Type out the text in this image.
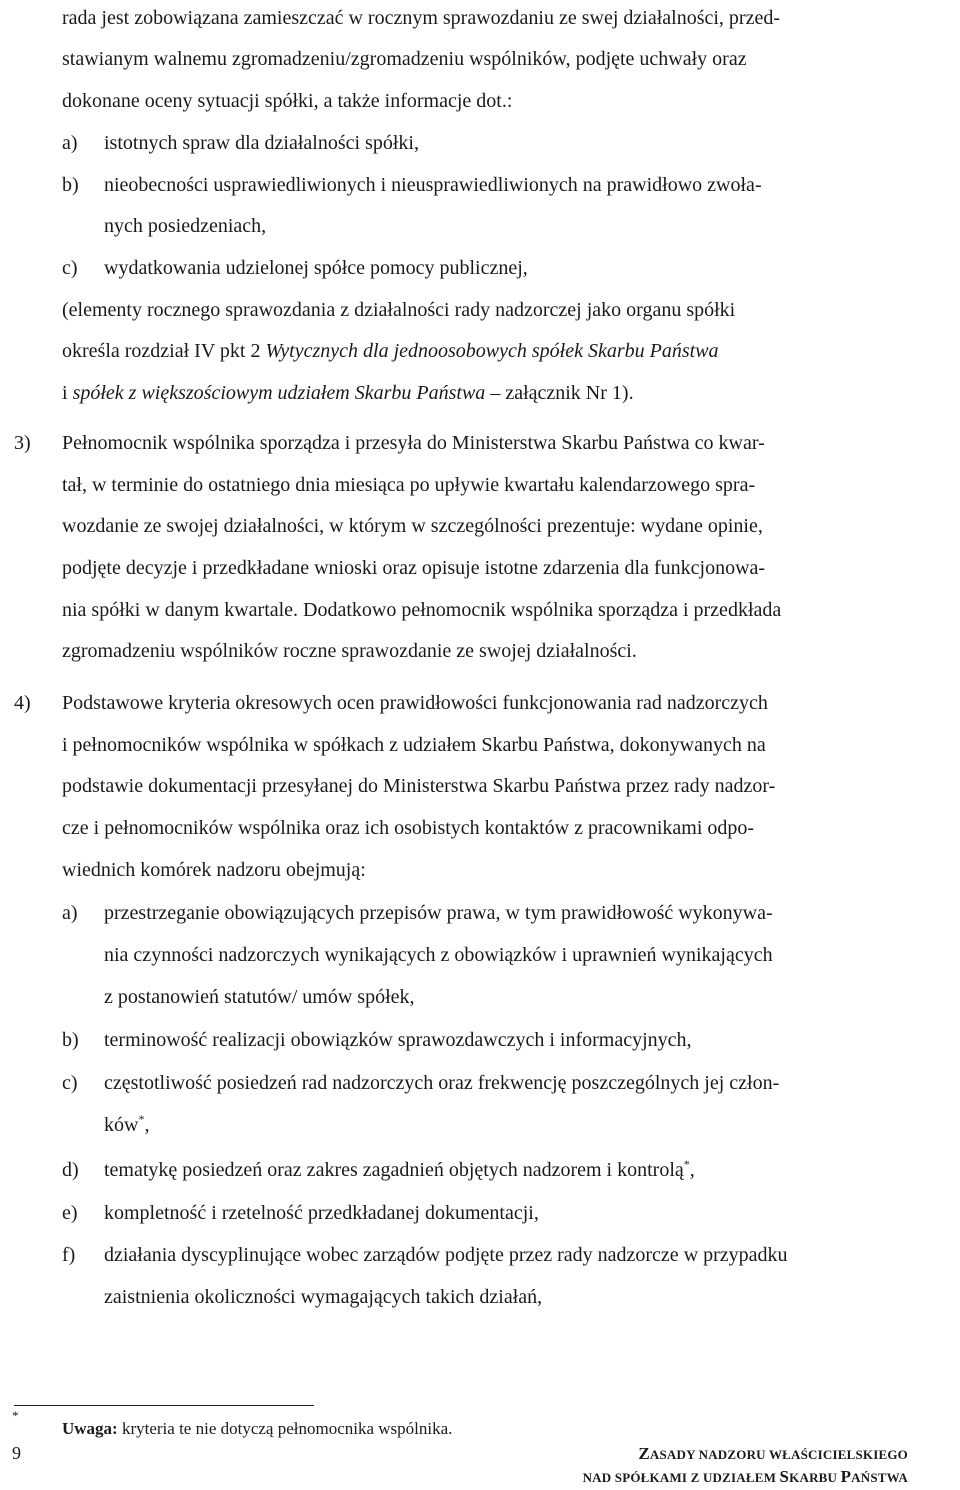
rada jest zobowiązana zamieszczać w rocznym sprawozdaniu ze swej działalności, przed-
stawianym walnemu zgromadzeniu/zgromadzeniu wspólników, podjęte uchwały oraz
dokonane oceny sytuacji spółki, a także informacje dot.:
a) istotnych spraw dla działalności spółki,
b) nieobecności usprawiedliwionych i nieusprawiedliwionych na prawidłowo zwoła-
nych posiedzeniach,
c) wydatkowania udzielonej spółce pomocy publicznej,
(elementy rocznego sprawozdania z działalności rady nadzorczej jako organu spółki
określa rozdział IV pkt 2 Wytycznych dla jednoosobowych spółek Skarbu Państwa
i spółek z większościowym udziałem Skarbu Państwa – załącznik Nr 1).
3) Pełnomocnik wspólnika sporządza i przesyła do Ministerstwa Skarbu Państwa co kwar-
tał, w terminie do ostatniego dnia miesiąca po upływie kwartału kalendarzowego spra-
wozdanie ze swojej działalności, w którym w szczególności prezentuje: wydane opinie,
podjęte decyzje i przedkładane wnioski oraz opisuje istotne zdarzenia dla funkcjonowa-
nia spółki w danym kwartale. Dodatkowo pełnomocnik wspólnika sporządza i przedkłada
zgromadzeniu wspólników roczne sprawozdanie ze swojej działalności.
4) Podstawowe kryteria okresowych ocen prawidłowości funkcjonowania rad nadzorczych
i pełnomocników wspólnika w spółkach z udziałem Skarbu Państwa, dokonywanych na
podstawie dokumentacji przesyłanej do Ministerstwa Skarbu Państwa przez rady nadzor-
cze i pełnomocników wspólnika oraz ich osobistych kontaktów z pracownikami odpo-
wiednich komórek nadzoru obejmują:
a) przestrzeganie obowiązujących przepisów prawa, w tym prawidłowość wykonywa-
nia czynności nadzorczych wynikających z obowiązków i uprawnień wynikających
z postanowień statutów/ umów spółek,
b) terminowość realizacji obowiązków sprawozdawczych i informacyjnych,
c) częstotliwość posiedzeń rad nadzorczych oraz frekwencję poszczególnych jej człon-
ków*,
d) tematykę posiedzeń oraz zakres zagadnień objętych nadzorem i kontrolą*,
e) kompletność i rzetelność przedkładanej dokumentacji,
f) działania dyscyplinujące wobec zarządów podjęte przez rady nadzorcze w przypadku
zaistnienia okoliczności wymagających takich działań,
*
Uwaga: kryteria te nie dotyczą pełnomocnika wspólnika.
9	ZASADY NADZORU WŁAŚCICIELSKIEGO
NAD SPÓŁKAMI Z UDZIAŁEM SKARBU PAŃSTWA
